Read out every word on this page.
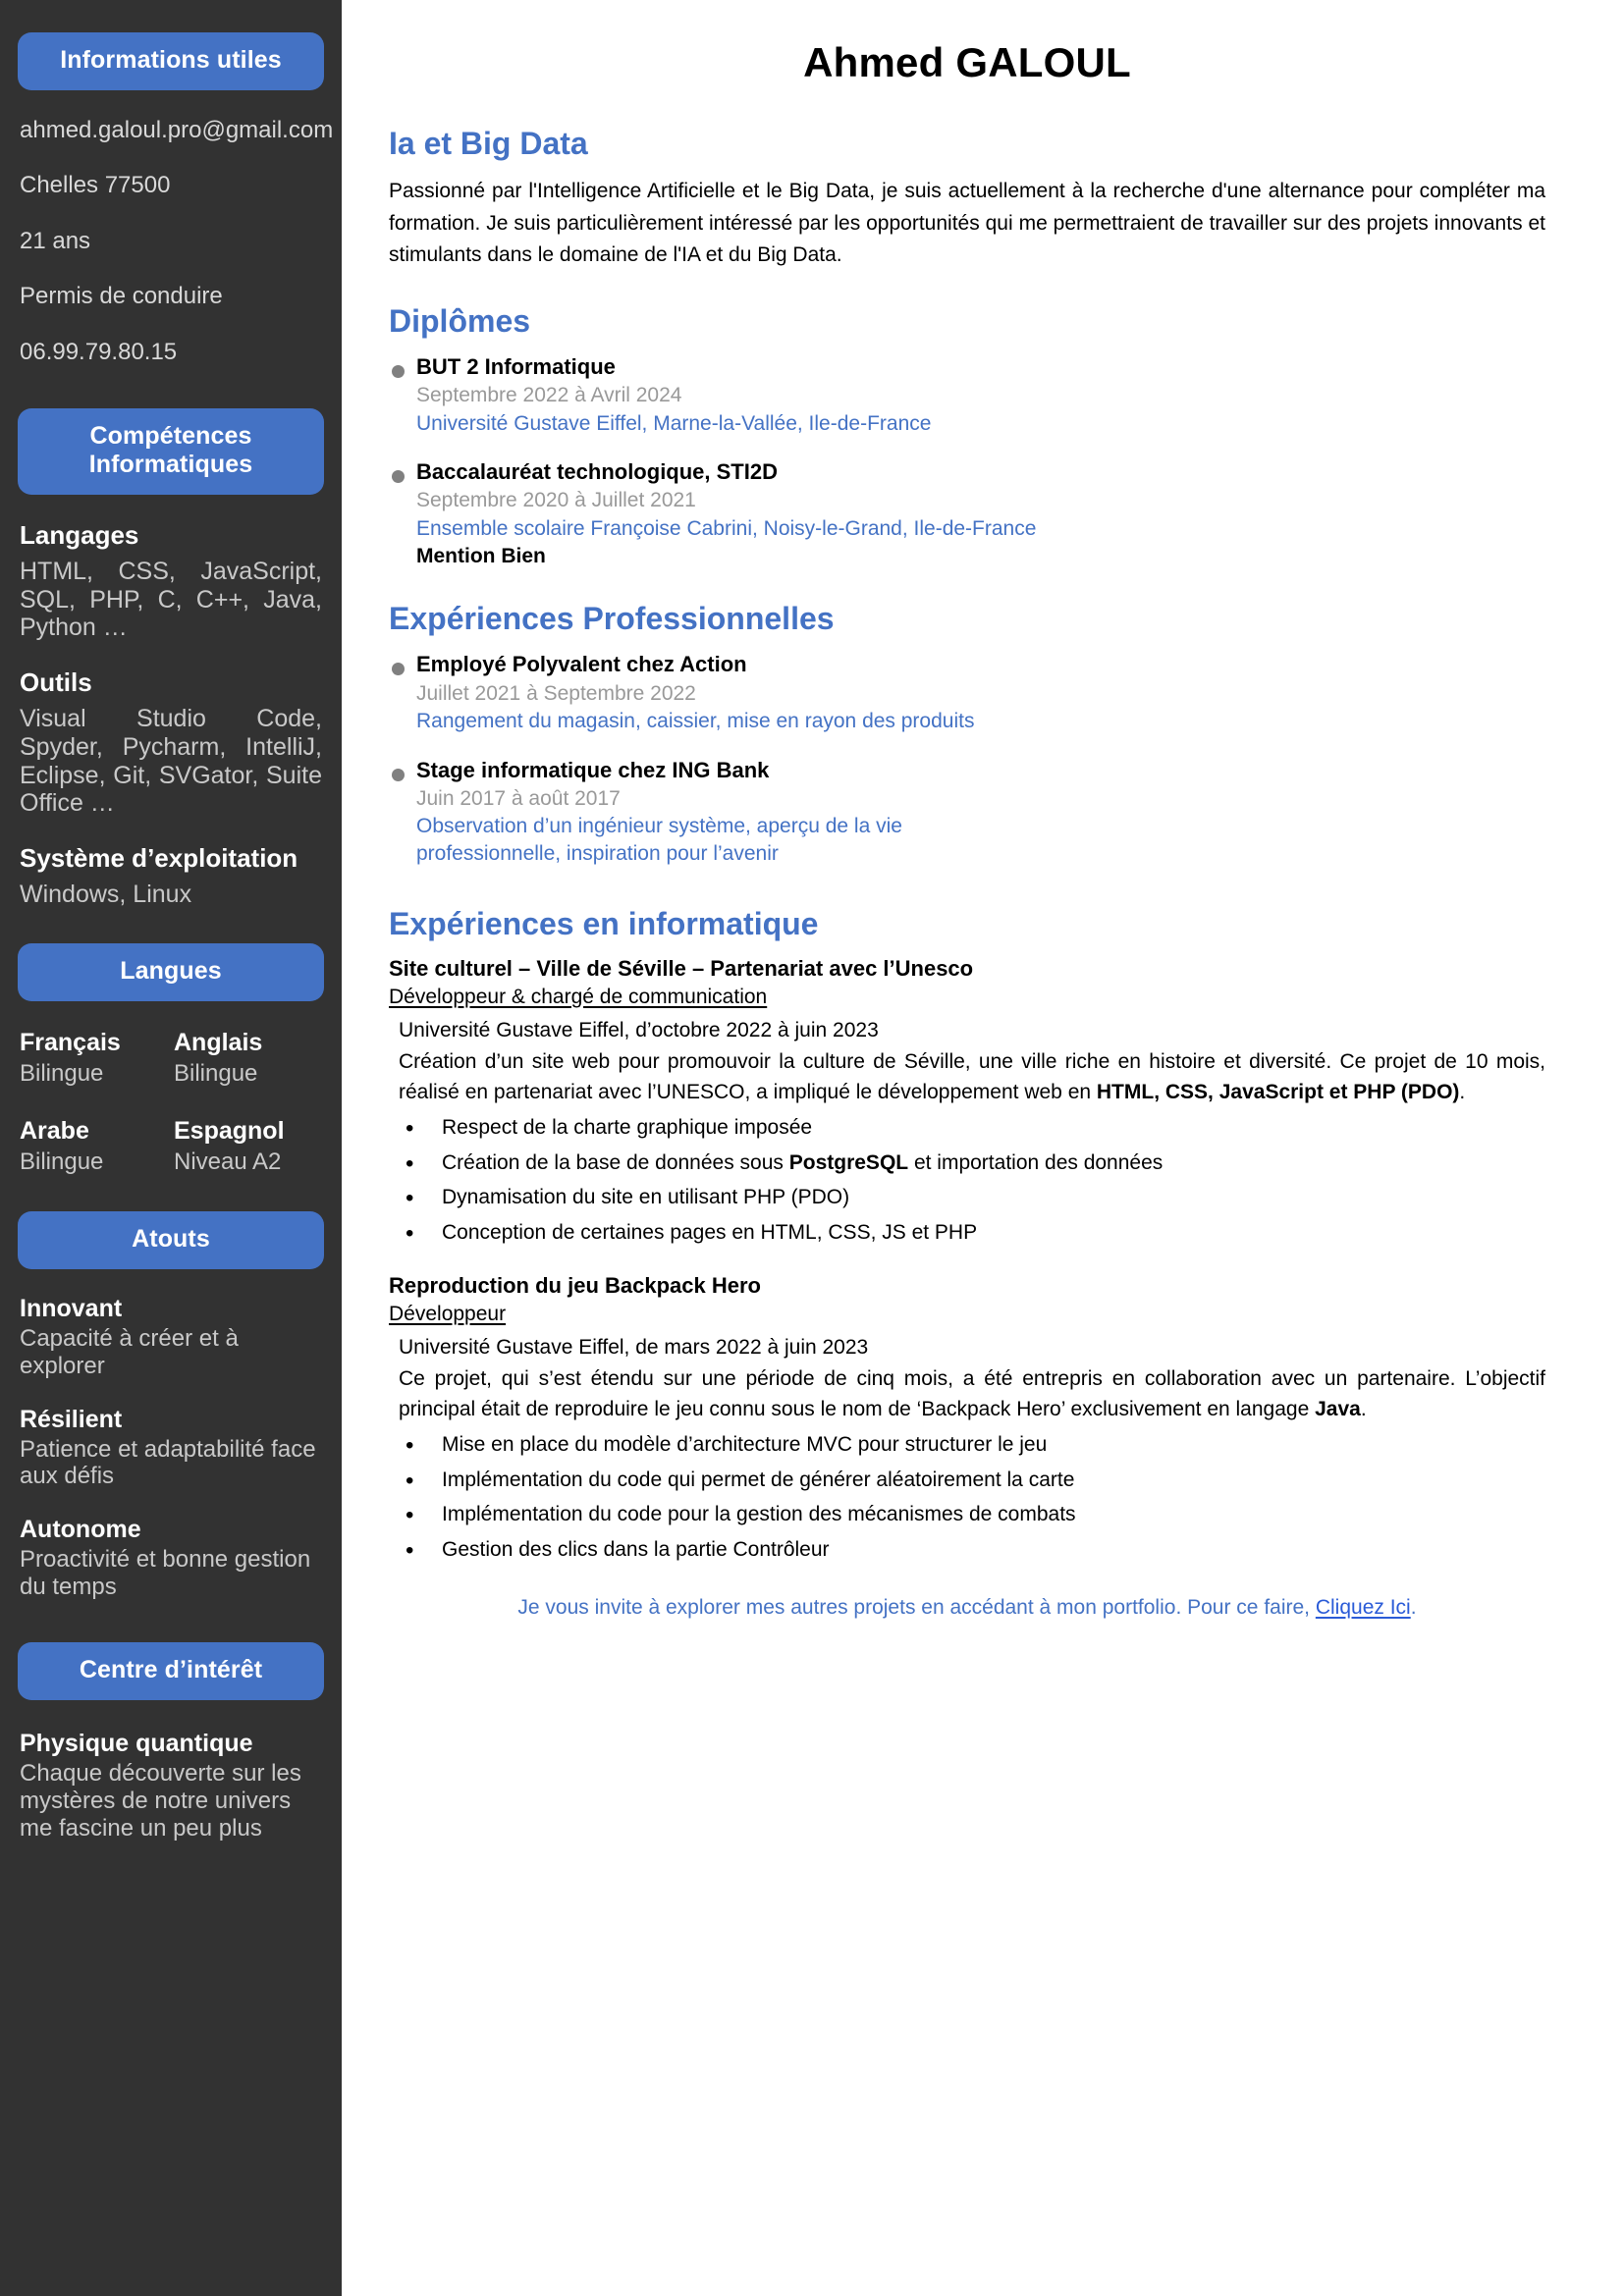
Informations utiles
ahmed.galoul.pro@gmail.com
Chelles 77500
21 ans
Permis de conduire
06.99.79.80.15
Compétences Informatiques
Langages

HTML, CSS, JavaScript, SQL, PHP, C, C++, Java, Python …

Outils

Visual Studio Code, Spyder, Pycharm, IntelliJ, Eclipse, Git, SVGator, Suite Office …

Système d’exploitation

Windows, Linux

Langues
Français
Bilingue
Anglais
Bilingue
Arabe
Bilingue
Espagnol
Niveau A2
Atouts
Innovant
Capacité à créer et à explorer
Résilient
Patience et adaptabilité face aux défis
Autonome
Proactivité et bonne gestion du temps
Centre d’intérêt
Physique quantique
Chaque découverte sur les mystères de notre univers me fascine un peu plus
Ahmed GALOUL
Ia et Big Data

Passionné par l'Intelligence Artificielle et le Big Data, je suis actuellement à la recherche d'une alternance pour compléter ma formation. Je suis particulièrement intéressé par les opportunités qui me permettraient de travailler sur des projets innovants et stimulants dans le domaine de l'IA et du Big Data.

Diplômes
BUT 2 Informatique
Septembre 2022 à Avril 2024
Université Gustave Eiffel, Marne-la-Vallée, Ile-de-France
Baccalauréat technologique, STI2D
Septembre 2020 à Juillet 2021
Ensemble scolaire Françoise Cabrini, Noisy-le-Grand, Ile-de-France
Mention Bien
Expériences Professionnelles
Employé Polyvalent chez Action
Juillet 2021 à Septembre 2022
Rangement du magasin, caissier, mise en rayon des produits
Stage informatique chez ING Bank
Juin 2017 à août 2017
Observation d’un ingénieur système, aperçu de la vie professionnelle, inspiration pour l’avenir
Expériences en informatique
Site culturel – Ville de Séville – Partenariat avec l’Unesco
Développeur & chargé de communication
Université Gustave Eiffel, d’octobre 2022 à juin 2023
Création d’un site web pour promouvoir la culture de Séville, une ville riche en histoire et diversité. Ce projet de 10 mois, réalisé en partenariat avec l’UNESCO, a impliqué le développement web en HTML, CSS, JavaScript et PHP (PDO).
• Respect de la charte graphique imposée
• Création de la base de données sous PostgreSQL et importation des données
• Dynamisation du site en utilisant PHP (PDO)
• Conception de certaines pages en HTML, CSS, JS et PHP
Reproduction du jeu Backpack Hero
Développeur
Université Gustave Eiffel, de mars 2022 à juin 2023
Ce projet, qui s’est étendu sur une période de cinq mois, a été entrepris en collaboration avec un partenaire. L’objectif principal était de reproduire le jeu connu sous le nom de ‘Backpack Hero’ exclusivement en langage Java.
• Mise en place du modèle d’architecture MVC pour structurer le jeu
• Implémentation du code qui permet de générer aléatoirement la carte
• Implémentation du code pour la gestion des mécanismes de combats
• Gestion des clics dans la partie Contrôleur
Je vous invite à explorer mes autres projets en accédant à mon portfolio. Pour ce faire, Cliquez Ici.
